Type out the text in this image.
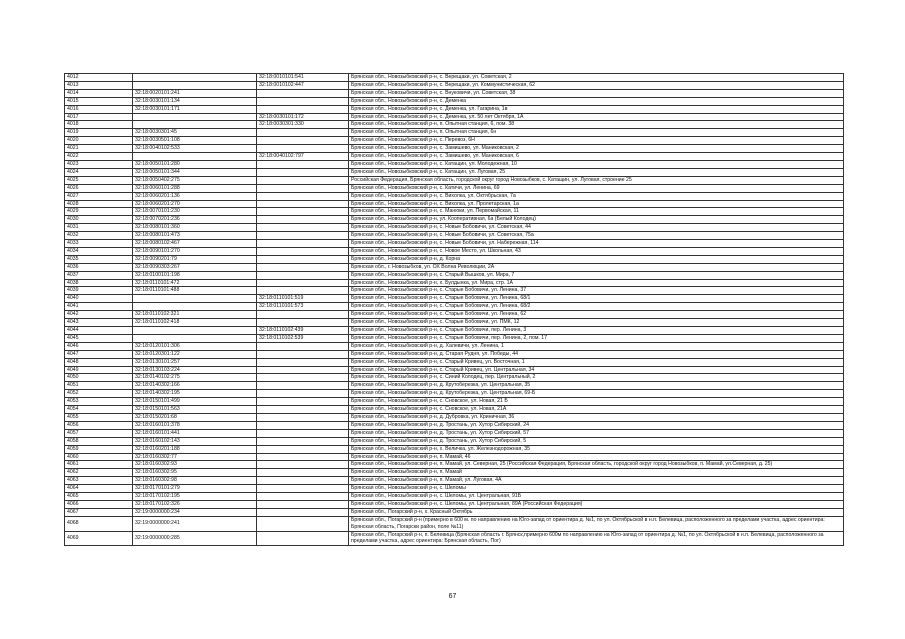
4012		32:18:0010101:541	Брянская обл., Новозыбковский р-н, с. Верещаки, ул. Советская, 2
4013		32:18:0010102:447	Брянская обл., Новозыбковский р-н, с. Верещаки, ул. Коммунистическая, 62
4014	32:18:0020101:241		Брянская обл., Новозыбковский р-н, с. Внуковичи, ул. Советская, 38
4015	32:18:0030101:134		Брянская обл., Новозыбковский р-н, с. Деменка
4016	32:18:0030101:171		Брянская обл., Новозыбковский р-н, с. Деменка, ул. Гагарина, 1в
4017		32:18:0030101:172	Брянская обл., Новозыбковский р-н, с. Деменка, ул. 50 лет Октября, 1А
4018		32:18:0030301:330	Брянская обл., Новозыбковский р-н, п. Опытная станция, 6, пом. 38
4019	32:18:0030301:45		Брянская обл., Новозыбковский р-н, п. Опытная станция, 6н
4020	32:18:0030501:108		Брянская обл., Новозыбковский р-н, с. Перевоз, 6Н
4021	32:18:0040102:533		Брянская обл., Новозыбковский р-н, с. Замишево, ул. Маниковская, 2
4022		32:18:0040102:797	Брянская обл., Новозыбковский р-н, с. Замишево, ул. Маниковская, 6
4023	32:18:0050101:280		Брянская обл., Новозыбковский р-н, с. Катащин, ул. Молодежная, 10
4024	32:18:0050101:344		Брянская обл., Новозыбковский р-н, с. Катащин, ул. Луговая, 25
4025	32:18:0050402:275		Российская Федерация, Брянская область, городской округ город Новозыбков, с. Катащин, ул. Луговая, строение 25
4026	32:18:0060101:288		Брянская обл., Новозыбковский р-н, с. Катичи, ул. Ленина, 69
4027	32:18:0060201:136		Брянская обл., Новозыбковский р-н, с. Вихолка, ул. Октябрьская, 7а
4028	32:18:0060201:270		Брянская обл., Новозыбковский р-н, с. Вихолка, ул. Пролетарская, 1а
4029	32:18:0070101:230		Брянская обл., Новозыбковский р-н, с. Манюки, ул. Первомайская, 11
4030	32:18:0070201:236		Брянская обл., Новозыбковский р-н, ул. Кооперативная, 6а (Белый Колодец)
4031	32:18:0080101:360		Брянская обл., Новозыбковский р-н, с. Новые Бобовичи, ул. Советская, 44
4032	32:18:0080101:473		Брянская обл., Новозыбковский р-н, с. Новые Бобовичи, ул. Советская, 75а
4033	32:18:0080102:467		Брянская обл., Новозыбковский р-н, с. Новые Бобовичи, ул. Набережная, 114
4034	32:18:0090101:270		Брянская обл., Новозыбковский р-н, с. Новое Место, ул. Школьная, 43
4035	32:18:0090201:79		Брянская обл., Новозыбковский р-н, д. Корна
4036	32:18:0090303:267		Брянская обл., г. Новозыбков, ул. ОХ Волна Революции, 2А
4037	32:18:0100101:198		Брянская обл., Новозыбковский р-н, с. Старый Вышков, ул. Мира, 7
4038	32:18:0110101:472		Брянская обл., Новозыбковский р-н, х. Булдынка, ул. Мира, стр. 1А
4039	32:18:0110101:488		Брянская обл., Новозыбковский р-н, с. Старые Бобовичи, ул. Ленина, 37
4040		32:18:0110101:519	Брянская обл., Новозыбковский р-н, с. Старые Бобовичи, ул. Ленина, 68/1
4041		32:18:0110101:573	Брянская обл., Новозыбковский р-н, с. Старые Бобовичи, ул. Ленина, 68/2
4042	32:18:0110102:321		Брянская обл., Новозыбковский р-н, с. Старые Бобовичи, ул. Ленина, 62
4043	32:18:0110102:418		Брянская обл., Новозыбковский р-н, с. Старые Бобовичи, ул. ПМК, 12
4044		32:18:0110102:439	Брянская обл., Новозыбковский р-н, с. Старые Бобовичи, пер. Ленина, 3
4045		32:18:0110102:539	Брянская обл., Новозыбковский р-н, с. Старые Бобовичи, пер. Ленина, 2, пом. 17
4046	32:18:0120101:306		Брянская обл., Новозыбковский р-н, д. Халевичи, ул. Ленина, 1
4047	32:18:0120301:122		Брянская обл., Новозыбковский р-н, д. Старая Рудня, ул. Победы, 44
4048	32:18:0130101:257		Брянская обл., Новозыбковский р-н, с. Старый Кривец, ул. Восточная, 1
4049	32:18:0130103:224		Брянская обл., Новозыбковский р-н, с. Старый Кривец, ул. Центральная, 34
4050	32:18:0140102:275		Брянская обл., Новозыбковский р-н, с. Синий Колодец, пер. Центральный, 2
4051	32:18:0140302:166		Брянская обл., Новозыбковский р-н, д. Крутоберезка, ул. Центральная, 35
4052	32:18:0140302:195		Брянская обл., Новозыбковский р-н, д. Крутоберезка, ул. Центральная, 69-Б
4053	32:18:0150101:499		Брянская обл., Новозыбковский р-н, с. Сновское, ул. Новая, 21 Б
4054	32:18:0150101:563		Брянская обл., Новозыбковский р-н, с. Сновское, ул. Новая, 21А
4055	32:18:0150201:68		Брянская обл., Новозыбковский р-н, д. Дубровка, ул. Криничная, 36
4056	32:18:0160101:378		Брянская обл., Новозыбковский р-н, д. Тростань, ул. Хутор Сибирский, 24
4057	32:18:0160101:441		Брянская обл., Новозыбковский р-н, д. Тростань, ул. Хутор Сибирский, 57
4058	32:18:0160102:143		Брянская обл., Новозыбковский р-н, д. Тростань, ул. Хутор Сибирский, 5
4059	32:18:0160201:188		Брянская обл., Новозыбковский р-н, х. Величка, ул. Железнодорожная, 35
4060	32:18:0160302:77		Брянская обл., Новозыбковский р-н, п. Мамай, 46
4061	32:18:0160302:93		Брянская обл., Новозыбковский р-н, п. Мамай, ул. Северная, 25 (Российская Федерация, Брянская область, городской округ город Новозыбков, п. Мамай, ул.Северная, д. 25)
4062	32:18:0160302:95		Брянская обл., Новозыбковский р-н, п. Мамай
4063	32:18:0160302:98		Брянская обл., Новозыбковский р-н, п. Мамай, ул. Луговая, 4А
4064	32:18:0170101:279		Брянская обл., Новозыбковский р-н, с. Шеломы
4065	32:18:0170102:195		Брянская обл., Новозыбковский р-н, с. Шеломы, ул. Центральная, 91Б
4066	32:18:0170102:326		Брянская обл., Новозыбковский р-н, с. Шеломы, ул. Центральная, 89А (Российская Федерация)
4067	32:19:0000000:234		Брянская обл., Погарский р-н, х. Красный Октябрь
4068	32:19:0000000:241		Брянская обл., Погарский р-н (примерно в 600 м. по направлению на Юго-запад от ориентира д. №1, по ул. Октябрьской в н.п. Белевица, расположенного за пределами участка, адрес ориентира: Брянская область, Погарски район, поле №11)
4069	32:19:0000000:285		Брянская обл., Погарский р-н, п. Белевица (Брянская область г. Брянск,примерно 600м по направлению на Юго-запад от ориентира д. №1, по ул. Октябрьской в н.п. Белевица, расположенного за пределами участка, адрес ориентира: Брянская область, Пог)
67
